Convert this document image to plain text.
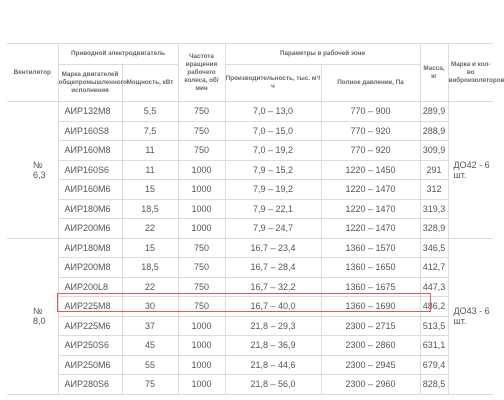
Вентилятор	Приводной электродвигатель		Частота вращения рабочего колеса, об/мин	Параметры в рабочей зоне		Масса, кг	Марка и кол-во виброизоляторов
	Марка двигателей общепромышленного исполнения	Мощность, кВт		Производительность, тыс. м³/ч	Полное давление, Па		
№ 6,3	АИР132М8	5,5	750	7,0 – 13,0	770 – 900	289,9	ДО42 - 6 шт.
	АИР160S8	7,5	750	7,0 – 15,0	770 – 920	288,9	
	АИР160М8	11	750	7,0 – 19,2	770 – 920	309,9	
	АИР160S6	11	1000	7,9 – 15,2	1220 – 1450	291	
	АИР160М6	15	1000	7,9 – 19,2	1220 – 1470	312	
	АИР180М6	18,5	1000	7,9 – 22,1	1220 – 1470	319,3	
	АИР200М6	22	1000	7,9 – 24,7	1220 – 1470	328,9	
№ 8,0	АИР180М8	15	750	16,7 – 23,4	1360 – 1570	346,5	ДО43 - 6 шт.
	АИР200М8	18,5	750	16,7 – 28,4	1360 – 1650	412,7	
	АИР200L8	22	750	16,7 – 32,2	1360 – 1675	447,3	
	АИР225М8	30	750	16,7 – 40,0	1360 – 1690	486,2	
	АИР225М6	37	1000	21,8 – 29,3	2300 – 2715	513,5	
	АИР250S6	45	1000	21,8 – 36,9	2300 – 2860	631,1	
	АИР250М6	55	1000	21,8 – 44,6	2300 – 2945	679,4	
	АИР280S6	75	1000	21,8 – 56,0	2300 – 2960	828,5	
